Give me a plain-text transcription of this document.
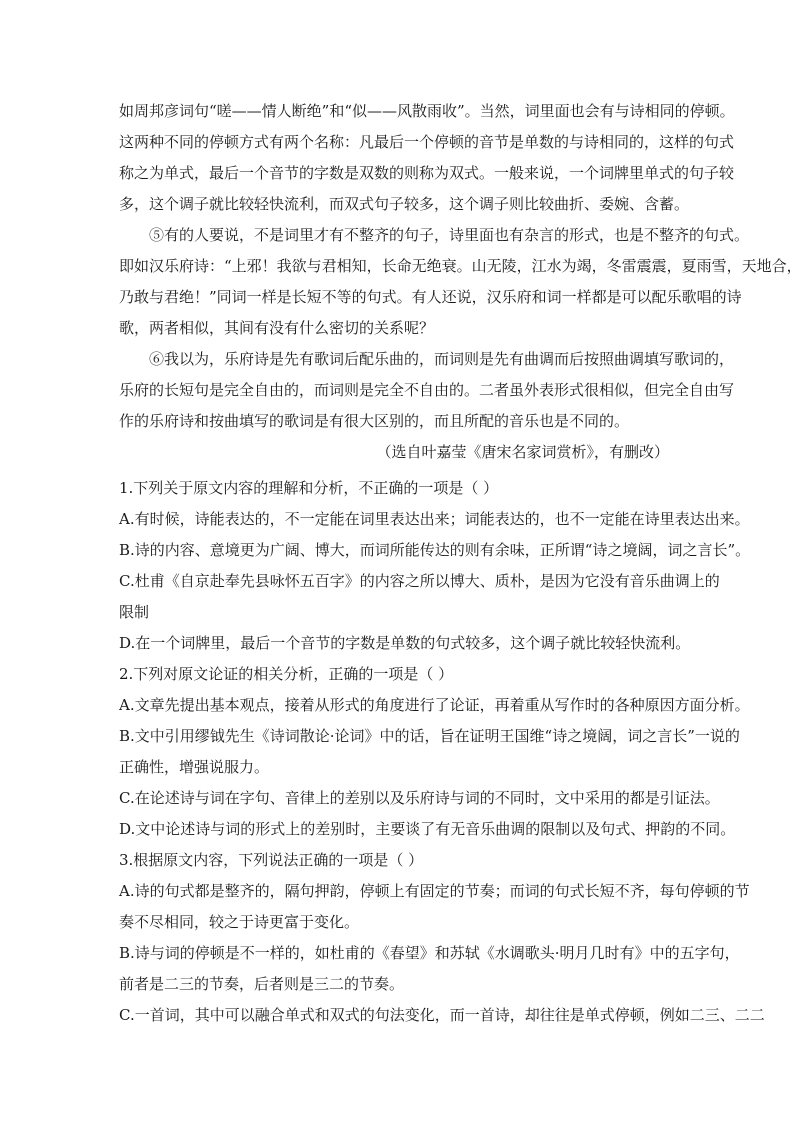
如周邦彦词句“嗟——情人断绝”和“似——风散雨收”。当然，词里面也会有与诗相同的停顿。
这两种不同的停顿方式有两个名称：凡最后一个停顿的音节是单数的与诗相同的，这样的句式
称之为单式，最后一个音节的字数是双数的则称为双式。一般来说，一个词牌里单式的句子较
多，这个调子就比较轻快流利，而双式句子较多，这个调子则比较曲折、委婉、含蓄。
⑤有的人要说，不是词里才有不整齐的句子，诗里面也有杂言的形式，也是不整齐的句式。
即如汉乐府诗：“上邪！我欲与君相知，长命无绝衰。山无陵，江水为竭，冬雷震震，夏雨雪，天地合，
乃敢与君绝！”同词一样是长短不等的句式。有人还说，汉乐府和词一样都是可以配乐歌唱的诗
歌，两者相似，其间有没有什么密切的关系呢？
⑥我以为，乐府诗是先有歌词后配乐曲的，而词则是先有曲调而后按照曲调填写歌词的，
乐府的长短句是完全自由的，而词则是完全不自由的。二者虽外表形式很相似，但完全自由写
作的乐府诗和按曲填写的歌词是有很大区别的，而且所配的音乐也是不同的。
（选自叶嘉莹《唐宋名家词赏析》，有删改）
1.下列关于原文内容的理解和分析，不正确的一项是（ ）
A.有时候，诗能表达的，不一定能在词里表达出来；词能表达的，也不一定能在诗里表达出来。
B.诗的内容、意境更为广阔、博大，而词所能传达的则有余味，正所谓“诗之境阔，词之言长”。
C.杜甫《自京赴奉先县咏怀五百字》的内容之所以博大、质朴，是因为它没有音乐曲调上的
限制
D.在一个词牌里，最后一个音节的字数是单数的句式较多，这个调子就比较轻快流利。
2.下列对原文论证的相关分析，正确的一项是（ ）
A.文章先提出基本观点，接着从形式的角度进行了论证，再着重从写作时的各种原因方面分析。
B.文中引用缪钺先生《诗词散论·论词》中的话，旨在证明王国维“诗之境阔，词之言长”一说的
正确性，增强说服力。
C.在论述诗与词在字句、音律上的差别以及乐府诗与词的不同时，文中采用的都是引证法。
D.文中论述诗与词的形式上的差别时，主要谈了有无音乐曲调的限制以及句式、押韵的不同。
3.根据原文内容，下列说法正确的一项是（ ）
A.诗的句式都是整齐的，隔句押韵，停顿上有固定的节奏；而词的句式长短不齐，每句停顿的节
奏不尽相同，较之于诗更富于变化。
B.诗与词的停顿是不一样的，如杜甫的《春望》和苏轼《水调歌头·明月几时有》中的五字句，
前者是二三的节奏，后者则是三二的节奏。
C.一首词，其中可以融合单式和双式的句法变化，而一首诗，却往往是单式停顿，例如二三、二二
